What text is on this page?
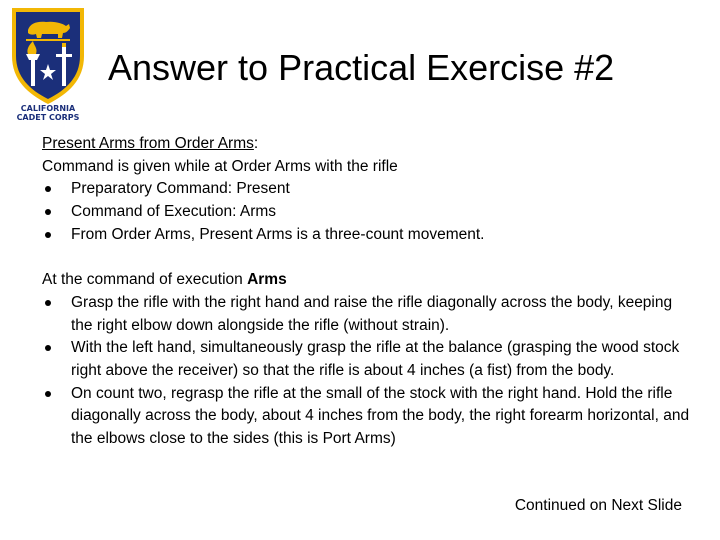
CALIFORNIA
CADET CORPS
Answer to Practical Exercise #2
Present Arms from Order Arms:
Command is given while at Order Arms with the rifle
Preparatory Command: Present
Command of Execution: Arms
From Order Arms, Present Arms is a three-count movement.
At the command of execution Arms
Grasp the rifle with the right hand and raise the rifle diagonally across the body, keeping the right elbow down alongside the rifle (without strain).
With the left hand, simultaneously grasp the rifle at the balance (grasping the wood stock right above the receiver) so that the rifle is about 4 inches (a fist) from the body.
On count two, regrasp the rifle at the small of the stock with the right hand. Hold the rifle diagonally across the body, about 4 inches from the body, the right forearm horizontal, and the elbows close to the sides (this is Port Arms)
Continued on Next Slide
